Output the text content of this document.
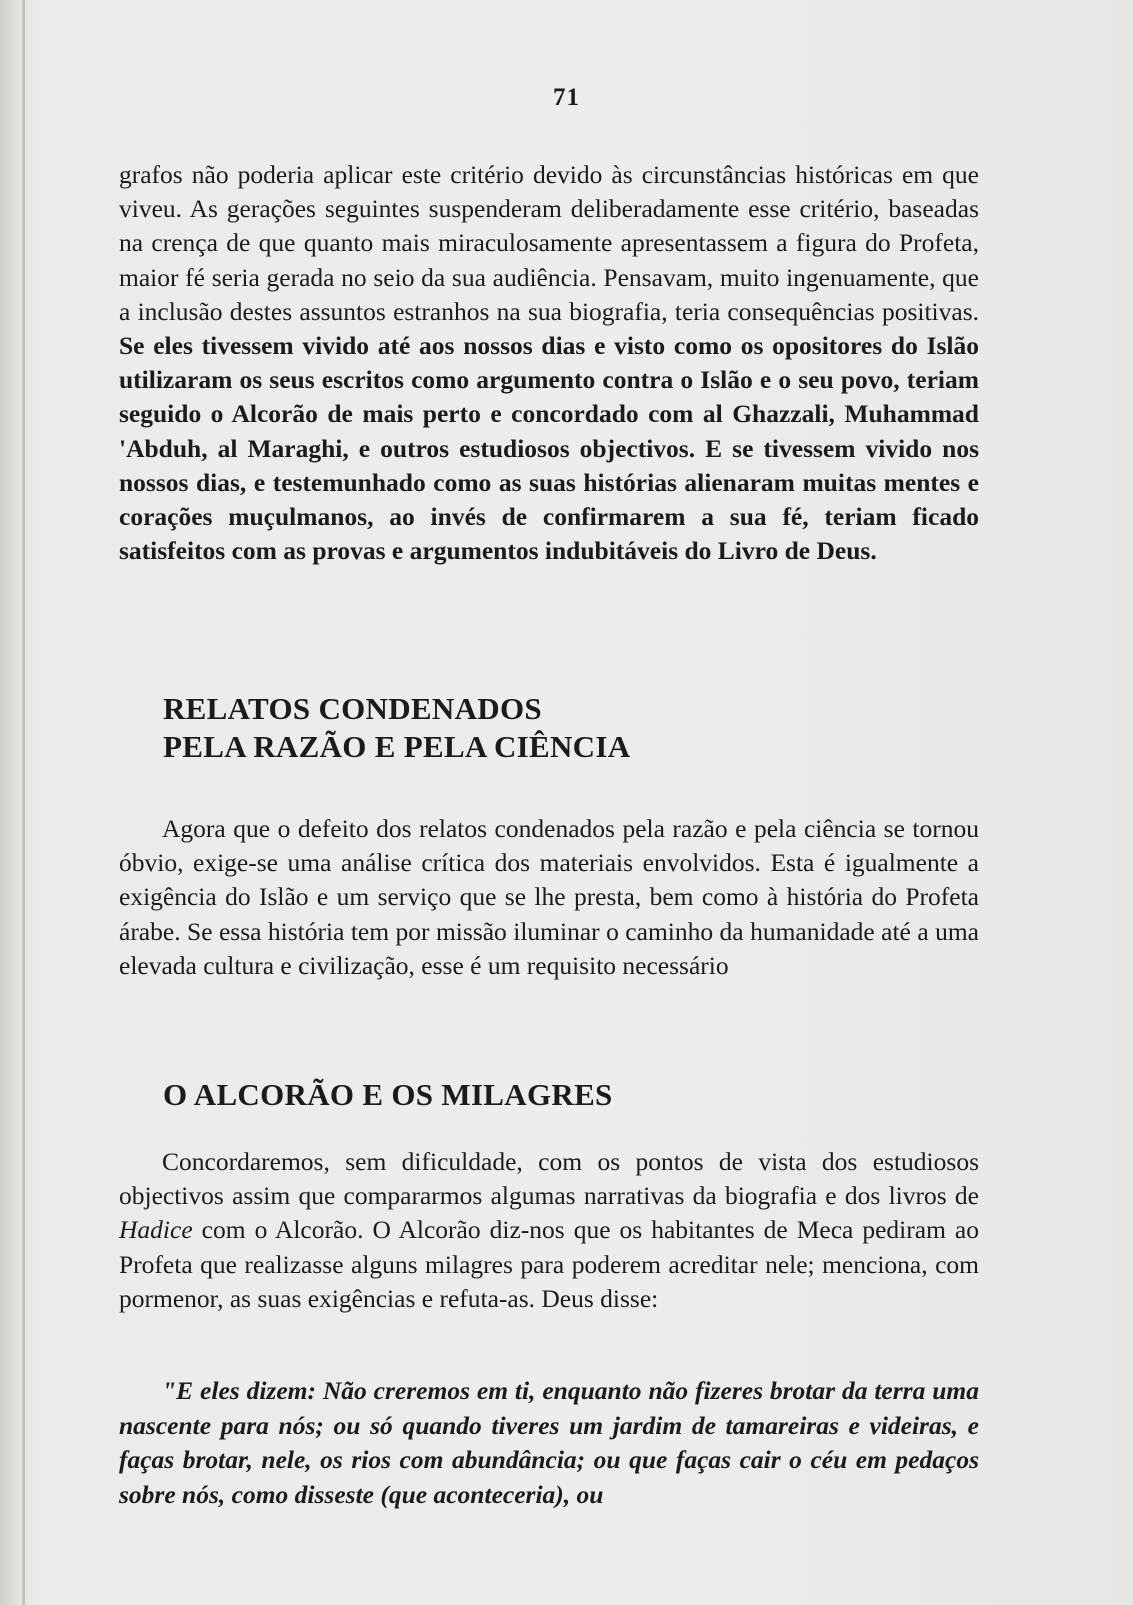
71

grafos não poderia aplicar este critério devido às circunstâncias históricas em que viveu. As gerações seguintes suspenderam deliberadamente esse critério, baseadas na crença de que quanto mais miraculosamente apresentassem a figura do Profeta, maior fé seria gerada no seio da sua audiência. Pensavam, muito ingenuamente, que a inclusão destes assuntos estranhos na sua biografia, teria consequências positivas. Se eles tivessem vivido até aos nossos dias e visto como os opositores do Islão utilizaram os seus escritos como argumento contra o Islão e o seu povo, teriam seguido o Alcorão de mais perto e concordado com al Ghazzali, Muhammad 'Abduh, al Maraghi, e outros estudiosos objectivos. E se tivessem vivido nos nossos dias, e testemunhado como as suas histórias alienaram muitas mentes e corações muçulmanos, ao invés de confirmarem a sua fé, teriam ficado satisfeitos com as provas e argumentos indubitáveis do Livro de Deus.

RELATOS CONDENADOS
PELA RAZÃO E PELA CIÊNCIA

Agora que o defeito dos relatos condenados pela razão e pela ciência se tornou óbvio, exige-se uma análise crítica dos materiais envolvidos. Esta é igualmente a exigência do Islão e um serviço que se lhe presta, bem como à história do Profeta árabe. Se essa história tem por missão iluminar o caminho da humanidade até a uma elevada cultura e civilização, esse é um requisito necessário

O ALCORÃO E OS MILAGRES

Concordaremos, sem dificuldade, com os pontos de vista dos estudiosos objectivos assim que compararmos algumas narrativas da biografia e dos livros de Hadice com o Alcorão. O Alcorão diz-nos que os habitantes de Meca pediram ao Profeta que realizasse alguns milagres para poderem acreditar nele; menciona, com pormenor, as suas exigências e refuta-as. Deus disse:

"E eles dizem: Não creremos em ti, enquanto não fizeres brotar da terra uma nascente para nós; ou só quando tiveres um jardim de tamareiras e videiras, e faças brotar, nele, os rios com abundância; ou que faças cair o céu em pedaços sobre nós, como disseste (que aconteceria), ou
